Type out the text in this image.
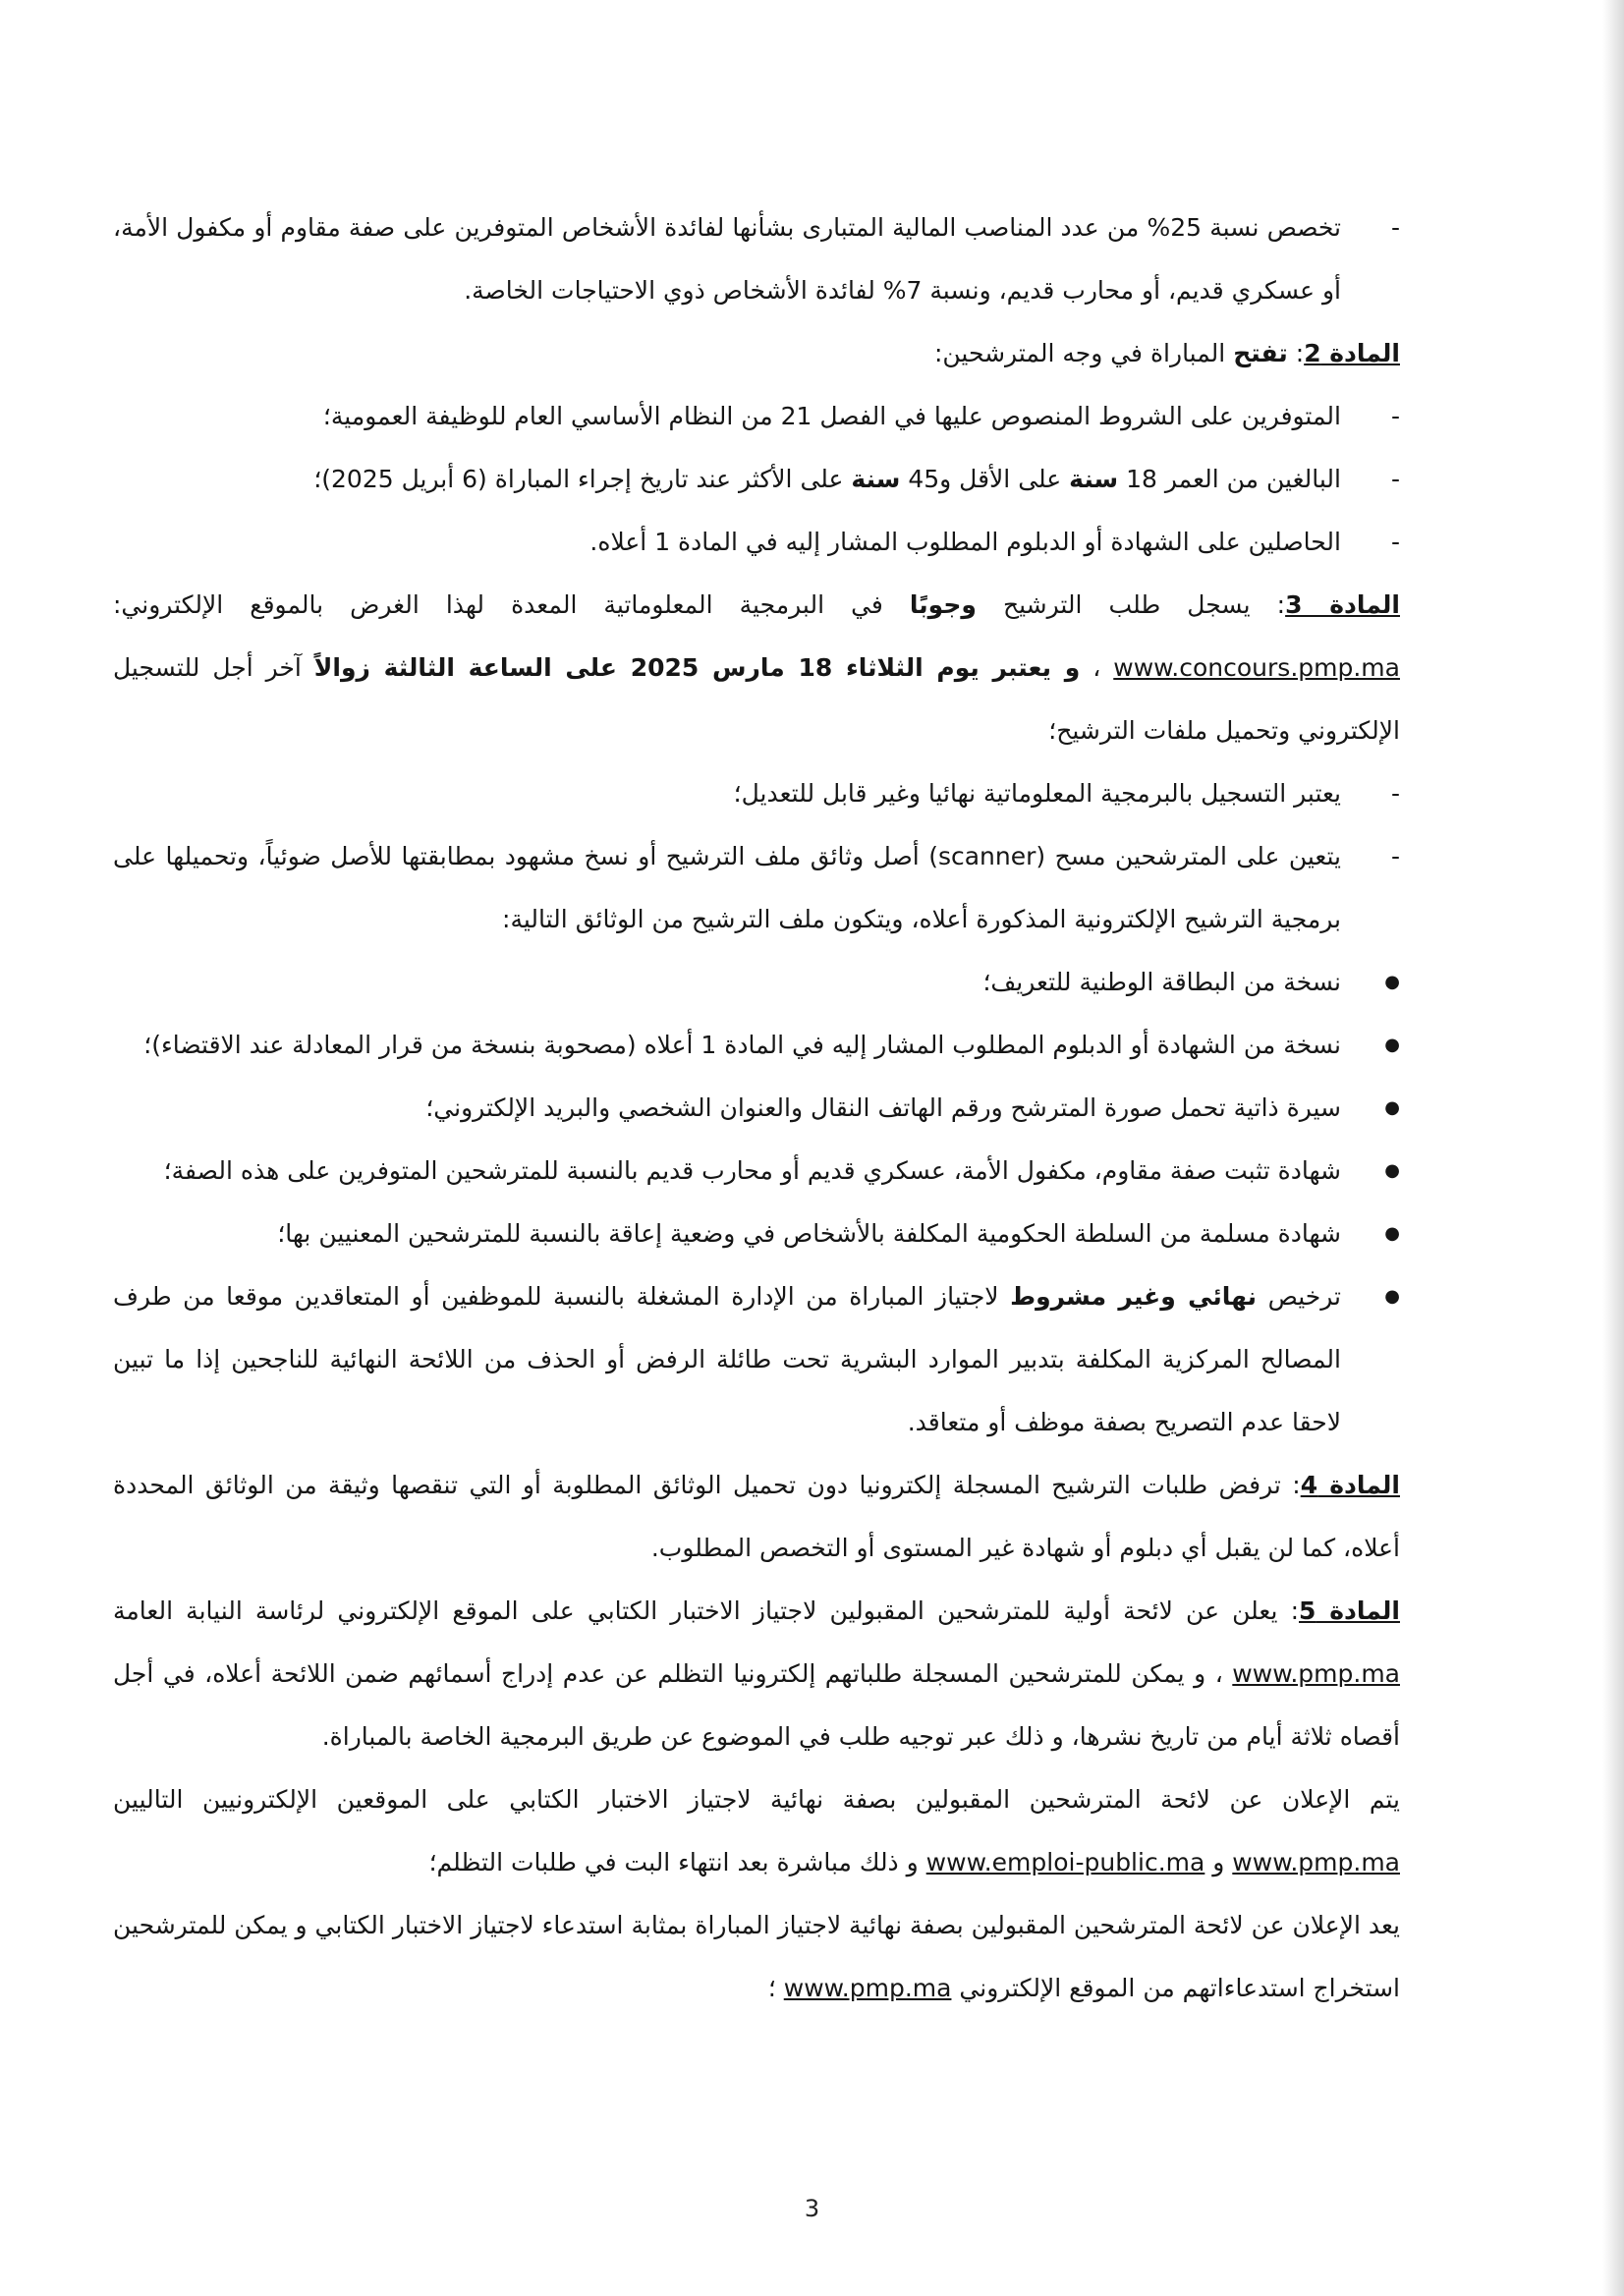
- تخصص نسبة 25% من عدد المناصب المالية المتبارى بشأنها لفائدة الأشخاص المتوفرين على صفة مقاوم أو مكفول الأمة، أو عسكري قديم، أو محارب قديم، ونسبة 7% لفائدة الأشخاص ذوي الاحتياجات الخاصة.

المادة 2: تفتح المباراة في وجه المترشحين:

- المتوفرين على الشروط المنصوص عليها في الفصل 21 من النظام الأساسي العام للوظيفة العمومية؛

- البالغين من العمر 18 سنة على الأقل و45 سنة على الأكثر عند تاريخ إجراء المباراة (6 أبريل 2025)؛

- الحاصلين على الشهادة أو الدبلوم المطلوب المشار إليه في المادة 1 أعلاه.

المادة 3: يسجل طلب الترشيح وجوبًا في البرمجية المعلوماتية المعدة لهذا الغرض بالموقع الإلكتروني: www.concours.pmp.ma ، و يعتبر يوم الثلاثاء 18 مارس 2025 على الساعة الثالثة زوالاً آخر أجل للتسجيل الإلكتروني وتحميل ملفات الترشيح؛

- يعتبر التسجيل بالبرمجية المعلوماتية نهائيا وغير قابل للتعديل؛

- يتعين على المترشحين مسح (scanner) أصل وثائق ملف الترشيح أو نسخ مشهود بمطابقتها للأصل ضوئياً، وتحميلها على برمجية الترشيح الإلكترونية المذكورة أعلاه، ويتكون ملف الترشيح من الوثائق التالية:

● نسخة من البطاقة الوطنية للتعريف؛
● نسخة من الشهادة أو الدبلوم المطلوب المشار إليه في المادة 1 أعلاه (مصحوبة بنسخة من قرار المعادلة عند الاقتضاء)؛
● سيرة ذاتية تحمل صورة المترشح ورقم الهاتف النقال والعنوان الشخصي والبريد الإلكتروني؛
● شهادة تثبت صفة مقاوم، مكفول الأمة، عسكري قديم أو محارب قديم بالنسبة للمترشحين المتوفرين على هذه الصفة؛
● شهادة مسلمة من السلطة الحكومية المكلفة بالأشخاص في وضعية إعاقة بالنسبة للمترشحين المعنيين بها؛
● ترخيص نهائي وغير مشروط لاجتياز المباراة من الإدارة المشغلة بالنسبة للموظفين أو المتعاقدين موقعا من طرف المصالح المركزية المكلفة بتدبير الموارد البشرية تحت طائلة الرفض أو الحذف من اللائحة النهائية للناجحين إذا ما تبين لاحقا عدم التصريح بصفة موظف أو متعاقد.

المادة 4: ترفض طلبات الترشيح المسجلة إلكترونيا دون تحميل الوثائق المطلوبة أو التي تنقصها وثيقة من الوثائق المحددة أعلاه، كما لن يقبل أي دبلوم أو شهادة غير المستوى أو التخصص المطلوب.

المادة 5: يعلن عن لائحة أولية للمترشحين المقبولين لاجتياز الاختبار الكتابي على الموقع الإلكتروني لرئاسة النيابة العامة www.pmp.ma ، و يمكن للمترشحين المسجلة طلباتهم إلكترونيا التظلم عن عدم إدراج أسمائهم ضمن اللائحة أعلاه، في أجل أقصاه ثلاثة أيام من تاريخ نشرها، و ذلك عبر توجيه طلب في الموضوع عن طريق البرمجية الخاصة بالمباراة.

يتم الإعلان عن لائحة المترشحين المقبولين بصفة نهائية لاجتياز الاختبار الكتابي على الموقعين الإلكترونيين التاليين www.pmp.ma و www.emploi-public.ma و ذلك مباشرة بعد انتهاء البت في طلبات التظلم؛

يعد الإعلان عن لائحة المترشحين المقبولين بصفة نهائية لاجتياز المباراة بمثابة استدعاء لاجتياز الاختبار الكتابي و يمكن للمترشحين استخراج استدعاءاتهم من الموقع الإلكتروني www.pmp.ma ؛

3
